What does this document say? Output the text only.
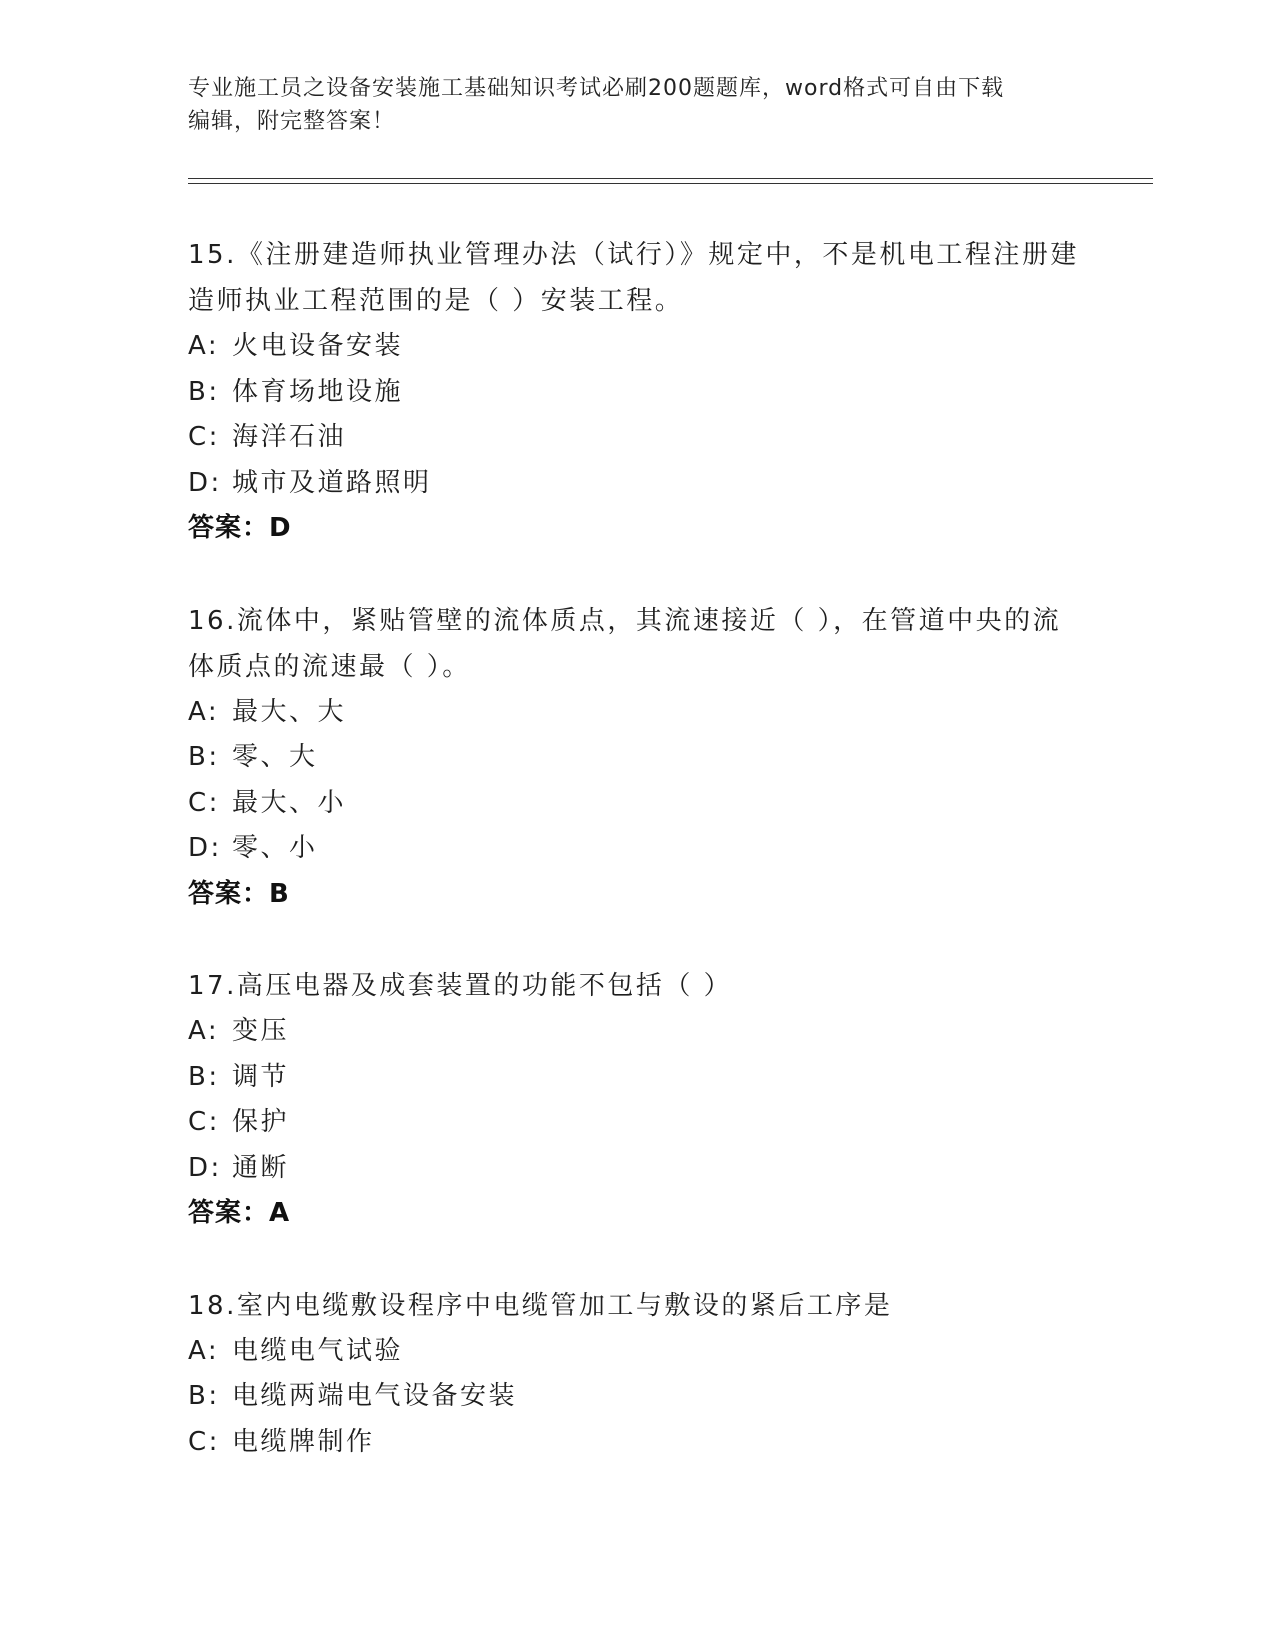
专业施工员之设备安装施工基础知识考试必刷200题题库，word格式可自由下载
编辑，附完整答案！
15.《注册建造师执业管理办法（试行）》规定中，不是机电工程注册建造师执业工程范围的是（ ）安装工程。
A: 火电设备安装
B: 体育场地设施
C: 海洋石油
D: 城市及道路照明
答案：D
16.流体中，紧贴管壁的流体质点，其流速接近（ ），在管道中央的流体质点的流速最（ ）。
A: 最大、大
B: 零、大
C: 最大、小
D: 零、小
答案：B
17.高压电器及成套装置的功能不包括（ ）
A: 变压
B: 调节
C: 保护
D: 通断
答案：A
18.室内电缆敷设程序中电缆管加工与敷设的紧后工序是
A: 电缆电气试验
B: 电缆两端电气设备安装
C: 电缆牌制作
